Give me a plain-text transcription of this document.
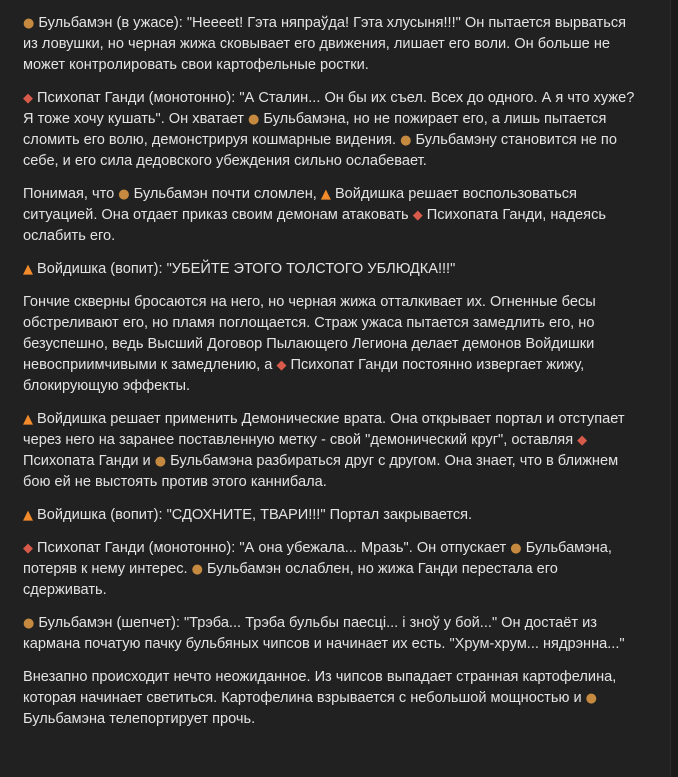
● Бульбамэн (в ужасе): "Нееееt! Гэта няпраўда! Гэта хлусыня!!!" Он пытается вырваться из ловушки, но черная жижа сковывает его движения, лишает его воли. Он больше не может контролировать свои картофельные ростки.

◆ Психопат Ганди (монотонно): "А Сталин... Он бы их съел. Всех до одного. А я что хуже? Я тоже хочу кушать". Он хватает ● Бульбамэна, но не пожирает его, а лишь пытается сломить его волю, демонстрируя кошмарные видения. ● Бульбамэну становится не по себе, и его сила дедовского убеждения сильно ослабевает.

Понимая, что ● Бульбамэн почти сломлен, ▲ Войдишка решает воспользоваться ситуацией. Она отдает приказ своим демонам атаковать ◆ Психопата Ганди, надеясь ослабить его.

▲ Войдишка (вопит): "УБЕЙТЕ ЭТОГО ТОЛСТОГО УБЛЮДКА!!!"

Гончие скверны бросаются на него, но черная жижа отталкивает их. Огненные бесы обстреливают его, но пламя поглощается. Страж ужаса пытается замедлить его, но безуспешно, ведь Высший Договор Пылающего Легиона делает демонов Войдишки невосприимчивыми к замедлению, а ◆ Психопат Ганди постоянно извергает жижу, блокирующую эффекты.

▲ Войдишка решает применить Демонические врата. Она открывает портал и отступает через него на заранее поставленную метку - свой "демонический круг", оставляя ◆ Психопата Ганди и ● Бульбамэна разбираться друг с другом. Она знает, что в ближнем бою ей не выстоять против этого каннибала.

▲ Войдишка (вопит): "СДОХНИТЕ, ТВАРИ!!!" Портал закрывается.

◆ Психопат Ганди (монотонно): "А она убежала... Мразь". Он отпускает ● Бульбамэна, потеряв к нему интерес. ● Бульбамэн ослаблен, но жижа Ганди перестала его сдерживать.

● Бульбамэн (шепчет): "Трэба... Трэба бульбы паесці... і зноў у бой..." Он достаёт из кармана початую пачку бульбяных чипсов и начинает их есть. "Хрум-хрум... нядрэнна..."

Внезапно происходит нечто неожиданное. Из чипсов выпадает странная картофелина, которая начинает светиться. Картофелина взрывается с небольшой мощностью и ● Бульбамэна телепортирует прочь.
